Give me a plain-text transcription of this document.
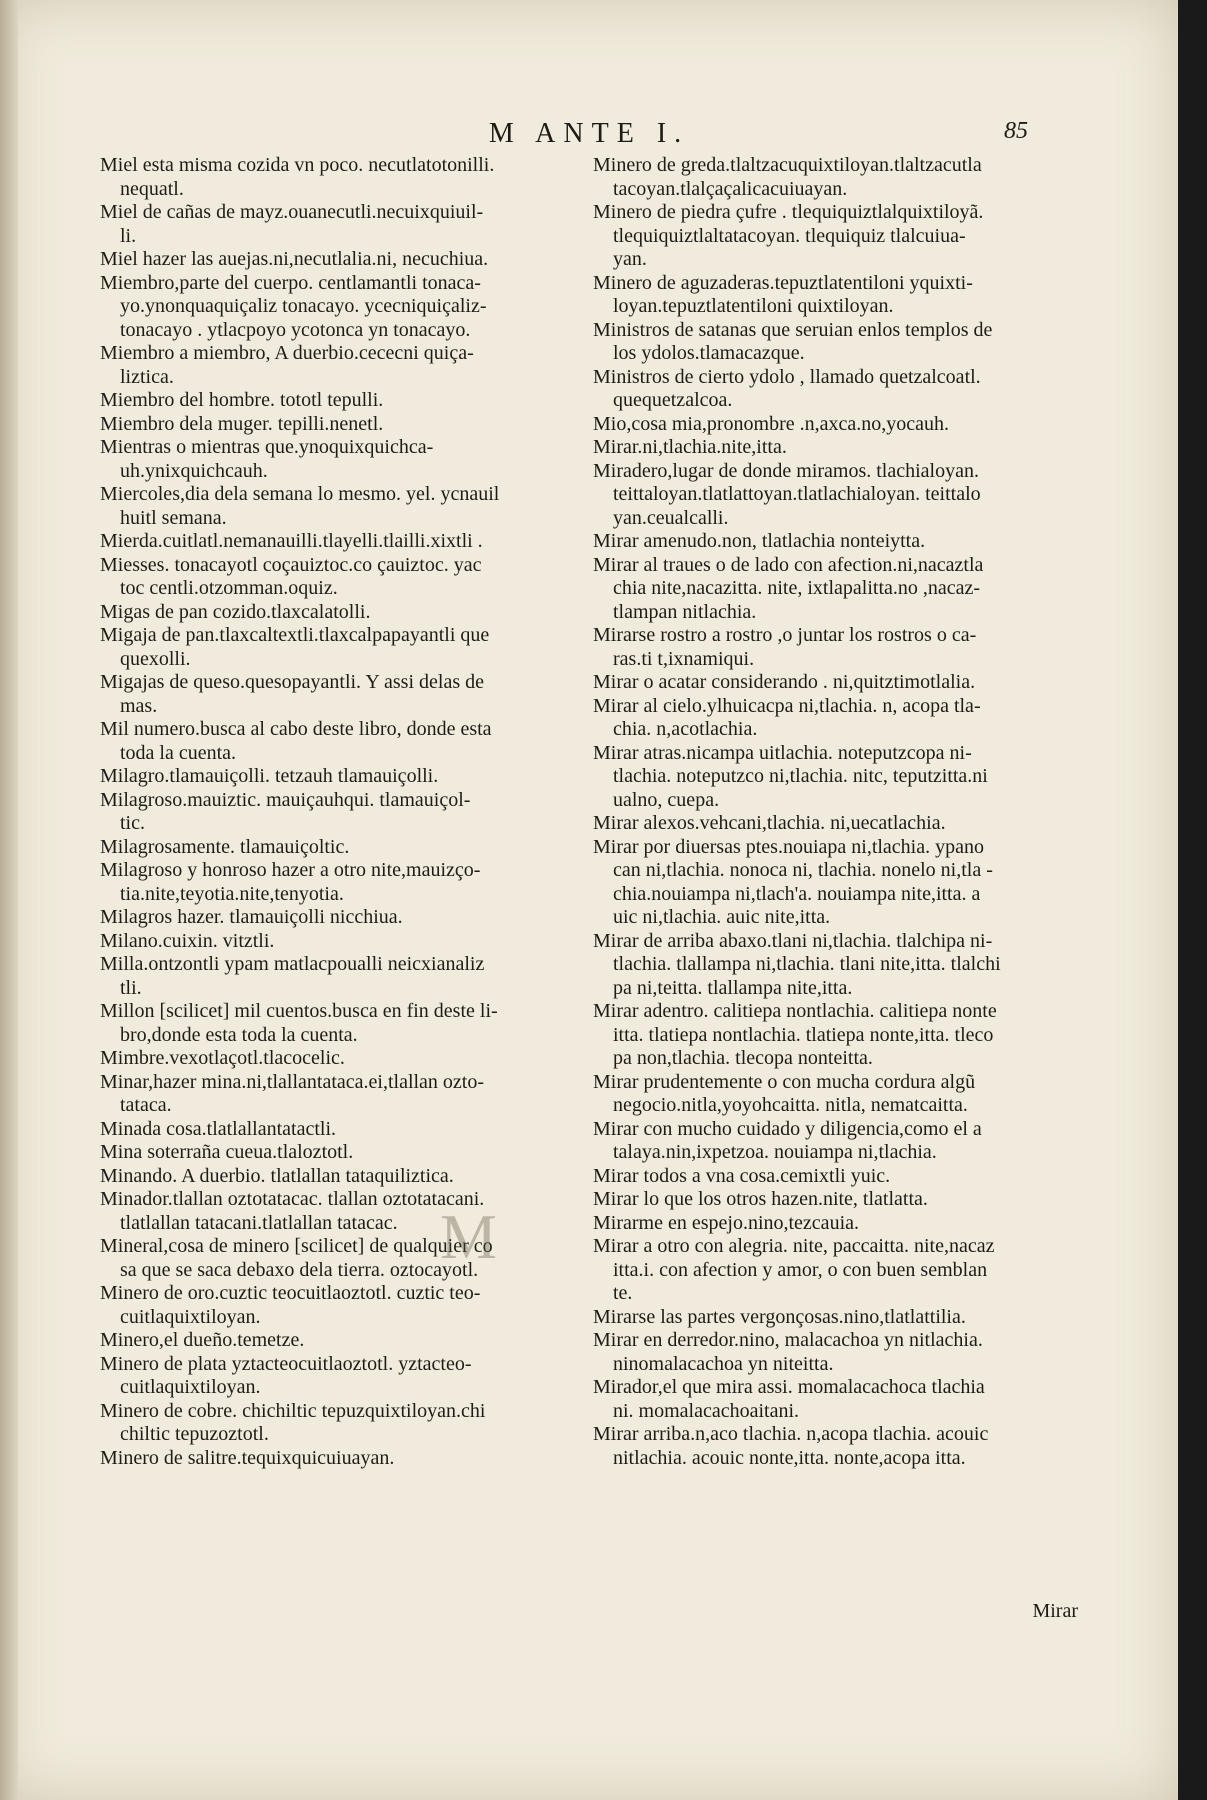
M ANTE I.	85
Miel esta misma cozida vn poco. necutlatotonilli.
nequatl.
Miel de cañas de mayz.ouanecutli.necuixquiuil-
li.
Miel hazer las auejas.ni,necutlalia.ni, necuchiua.
Miembro,parte del cuerpo. centlamantli tonaca-
yo.ynonquaquiçaliz tonacayo. ycecniquiçaliz-
tonacayo . ytlacpoyo ycotonca yn tonacayo.
Miembro a miembro, A duerbio.cececni quiça-
liztica.
Miembro del hombre. tototl tepulli.
Miembro dela muger. tepilli.nenetl.
Mientras o mientras que.ynoquixquichca-
uh.ynixquichcauh.
Miercoles,dia dela semana lo mesmo. yel. ycnauil
huitl semana.
Mierda.cuitlatl.nemanauilli.tlayelli.tlailli.xixtli .
Miesses. tonacayotl coçauiztoc.co çauiztoc. yac
toc centli.otzomman.oquiz.
Migas de pan cozido.tlaxcalatolli.
Migaja de pan.tlaxcaltextli.tlaxcalpapayantli que
quexolli.
Migajas de queso.quesopayantli. Y assi delas de
mas.
Mil numero.busca al cabo deste libro, donde esta
toda la cuenta.
Milagro.tlamauiçolli. tetzauh tlamauiçolli.
Milagroso.mauiztic. mauiçauhqui. tlamauiçol-
tic.
Milagrosamente. tlamauiçoltic.
Milagroso y honroso hazer a otro nite,mauizço-
tia.nite,teyotia.nite,tenyotia.
Milagros hazer. tlamauiçolli nicchiua.
Milano.cuixin. vitztli.
Milla.ontzontli ypam matlacpoualli neicxianaliz
tli.
Millon [scilicet] mil cuentos.busca en fin deste li-
bro,donde esta toda la cuenta.
Mimbre.vexotlaçotl.tlacocelic.
Minar,hazer mina.ni,tlallantataca.ei,tlallan ozto-
tataca.
Minada cosa.tlatlallantatactli.
Mina soterraña cueua.tlaloztotl.
Minando. A duerbio. tlatlallan tataquiliztica.
Minador.tlallan oztotatacac. tlallan oztotatacani.
tlatlallan tatacani.tlatlallan tatacac.
Mineral,cosa de minero [scilicet] de qualquier co
sa que se saca debaxo dela tierra. oztocayotl.
Minero de oro.cuztic teocuitlaoztotl. cuztic teo-
cuitlaquixtiloyan.
Minero,el dueño.temetze.
Minero de plata yztacteocuitlaoztotl. yztacteo-
cuitlaquixtiloyan.
Minero de cobre. chichiltic tepuzquixtiloyan.chi
chiltic tepuzoztotl.
Minero de salitre.tequixquicuiuayan.
Minero de greda.tlaltzacuquixtiloyan.tlaltzacutla
tacoyan.tlalçaçalicacuiuayan.
Minero de piedra çufre . tlequiquiztlalquixtiloyã.
tlequiquiztlaltatacoyan. tlequiquiz tlalcuiua-
yan.
Minero de aguzaderas.tepuztlatentiloni yquixti-
loyan.tepuztlatentiloni quixtiloyan.
Ministros de satanas que seruian enlos templos de
los ydolos.tlamacazque.
Ministros de cierto ydolo , llamado quetzalcoatl.
quequetzalcoa.
Mio,cosa mia,pronombre .n,axca.no,yocauh.
Mirar.ni,tlachia.nite,itta.
Miradero,lugar de donde miramos. tlachialoyan.
teittaloyan.tlatlattoyan.tlatlachialoyan. teittalo
yan.ceualcalli.
Mirar amenudo.non, tlatlachia nonteiytta.
Mirar al traues o de lado con afection.ni,nacaztla
chia nite,nacazitta. nite, ixtlapalitta.no ,nacaz-
tlampan nitlachia.
Mirarse rostro a rostro ,o juntar los rostros o ca-
ras.ti t,ixnamiqui.
Mirar o acatar considerando . ni,quitztimotlalia.
Mirar al cielo.ylhuicacpa ni,tlachia. n, acopa tla-
chia. n,acotlachia.
Mirar atras.nicampa uitlachia. noteputzcopa ni-
tlachia. noteputzco ni,tlachia. nitc, teputzitta.ni
ualno, cuepa.
Mirar alexos.vehcani,tlachia. ni,uecatlachia.
Mirar por diuersas ptes.nouiapa ni,tlachia. ypano
can ni,tlachia. nonoca ni, tlachia. nonelo ni,tla -
chia.nouiampa ni,tlach'a. nouiampa nite,itta. a
uic ni,tlachia. auic nite,itta.
Mirar de arriba abaxo.tlani ni,tlachia. tlalchipa ni-
tlachia. tlallampa ni,tlachia. tlani nite,itta. tlalchi
pa ni,teitta. tlallampa nite,itta.
Mirar adentro. calitiepa nontlachia. calitiepa nonte
itta. tlatiepa nontlachia. tlatiepa nonte,itta. tleco
pa non,tlachia. tlecopa nonteitta.
Mirar prudentemente o con mucha cordura algũ
negocio.nitla,yoyohcaitta. nitla, nematcaitta.
Mirar con mucho cuidado y diligencia,como el a
talaya.nin,ixpetzoa. nouiampa ni,tlachia.
Mirar todos a vna cosa.cemixtli yuic.
Mirar lo que los otros hazen.nite, tlatlatta.
Mirarme en espejo.nino,tezcauia.
Mirar a otro con alegria. nite, paccaitta. nite,nacaz
itta.i. con afection y amor, o con buen semblan
te.
Mirarse las partes vergonçosas.nino,tlatlattilia.
Mirar en derredor.nino, malacachoa yn nitlachia.
ninomalacachoa yn niteitta.
Mirador,el que mira assi. momalacachoca tlachia
ni. momalacachoaitani.
Mirar arriba.n,aco tlachia. n,acopa tlachia. acouic
nitlachia. acouic nonte,itta. nonte,acopa itta.
M
Mirar
